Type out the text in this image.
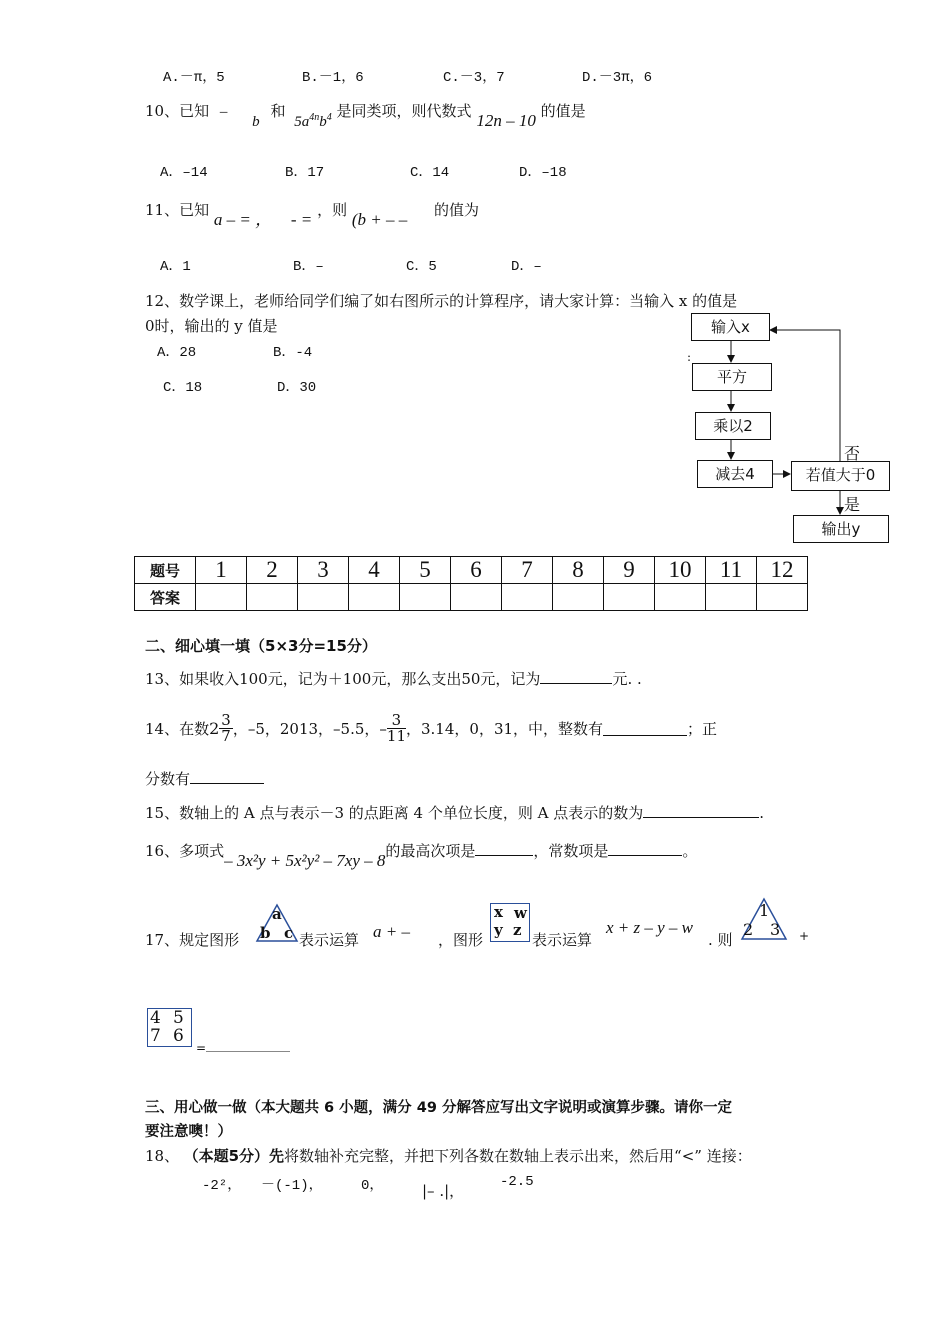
A.－π，5	B.－1，6	C.－3，7	D.－3π，6
10、已知 – b 和 $5a^{4n}b^4$ 是同类项，则代数式 12n – 10 的值是
A．–14	B．17	C．14	D．–18
11、已知 a – = ， - = ，则 (b + – – 的值为
A．1	B．–	C．5	D．–
12、数学课上，老师给同学们编了如右图所示的计算程序，请大家计算：当输入 x 的值是
0时，输出的 y 值是
A．28	B．-4
C．18	D．30
输入x
:
平方
乘以2
减去4	若值大于0
否
是
输出y
题号	1	2	3	4	5	6	7	8	9	10	11	12
答案												
二、细心填一填（5×3分=15分）
13、如果收入100元，记为＋100元，那么支出50元，记为	元. .
14、在数 $2 \frac{3}{7}$ ，–5，2013，–5.5，– $\frac{3}{11}$ ，3.14，0，31，中，整数有	；正
分数有
15、数轴上的 A 点与表示－3 的点距离 4 个单位长度，则 A 点表示的数为	.
16、多项式– 3x²y + 5x²y² – 7xy – 8的最高次项是	，常数项是	。
17、规定图形
a
b c 表示运算 a + – ，图形
x w
y z
表示运算
x + z – y – w
. 则
1
2 3 +
4 5
7 6
=
三、用心做一做（本大题共 6 小题，满分 49 分解答应写出文字说明或演算步骤。请你一定
要注意噢！）
18、 （本题5分）先将数轴补充完整，并把下列各数在数轴上表示出来，然后用“<” 连接：
-2²， －(-1)，	0，	|– .|，	-2.5
